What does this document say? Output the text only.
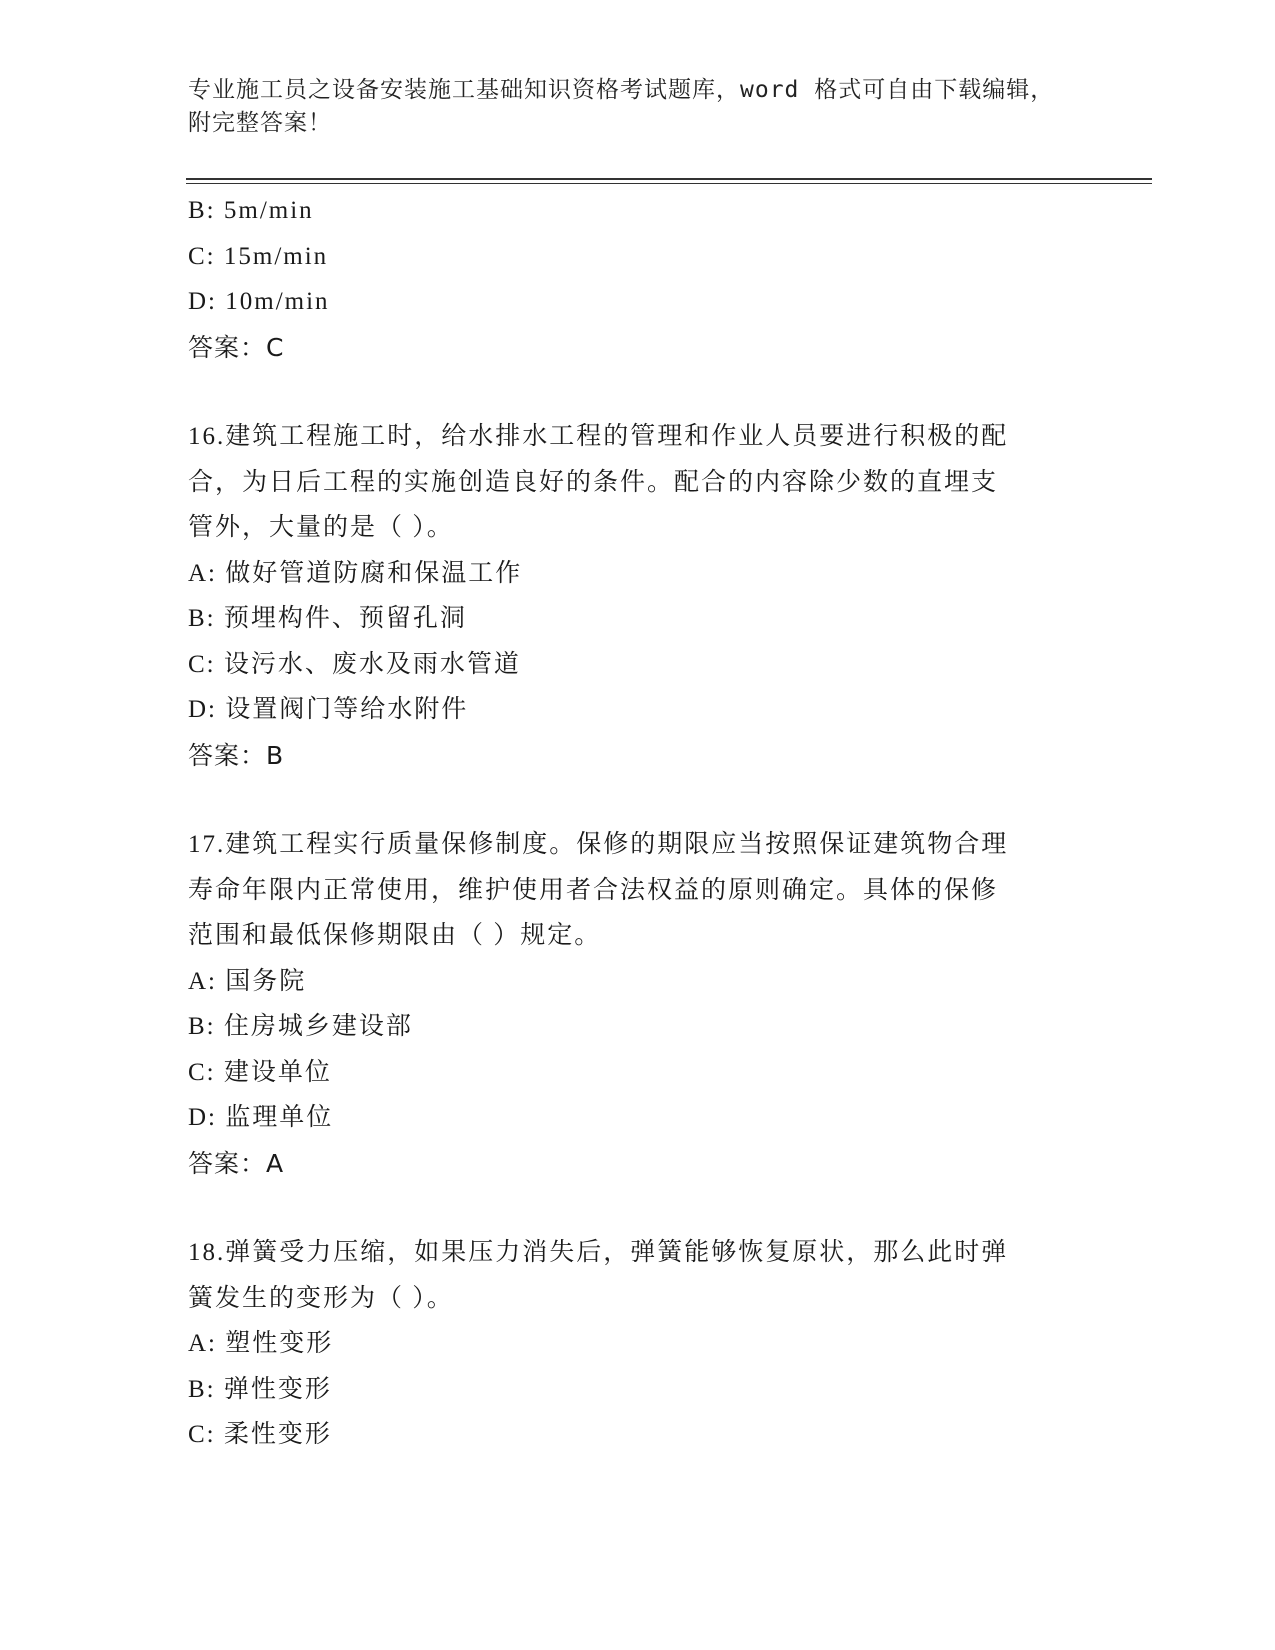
专业施工员之设备安装施工基础知识资格考试题库，word 格式可自由下载编辑，
附完整答案！
B: 5m/min
C: 15m/min
D: 10m/min
答案：C
16.建筑工程施工时，给水排水工程的管理和作业人员要进行积极的配
合，为日后工程的实施创造良好的条件。配合的内容除少数的直埋支
管外，大量的是（ ）。
A: 做好管道防腐和保温工作
B: 预埋构件、预留孔洞
C: 设污水、废水及雨水管道
D: 设置阀门等给水附件
答案：B
17.建筑工程实行质量保修制度。保修的期限应当按照保证建筑物合理
寿命年限内正常使用，维护使用者合法权益的原则确定。具体的保修
范围和最低保修期限由（ ）规定。
A: 国务院
B: 住房城乡建设部
C: 建设单位
D: 监理单位
答案：A
18.弹簧受力压缩，如果压力消失后，弹簧能够恢复原状，那么此时弹
簧发生的变形为（ ）。
A: 塑性变形
B: 弹性变形
C: 柔性变形
